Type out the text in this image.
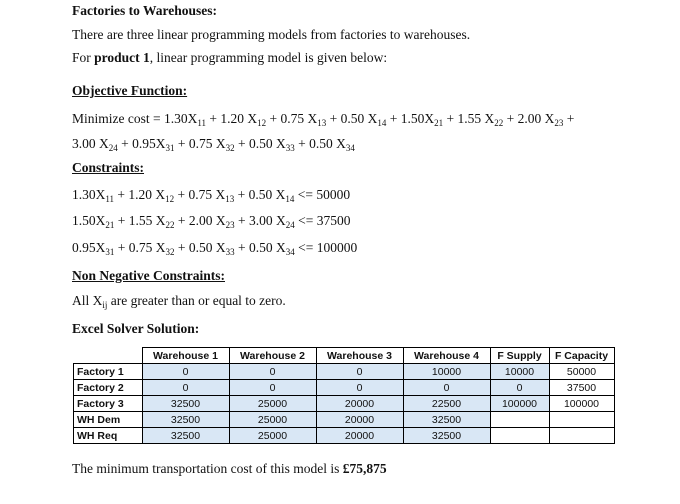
Factories to Warehouses:
There are three linear programming models from factories to warehouses.
For product 1, linear programming model is given below:
Objective Function:
Minimize $\cos t = 1.30X_{11} + 1.20$ $X_{12} + 0.75$ $X_{13} + 0.50$ $X_{14} + 1.50X_{21} + 1.55$ $X_{22} + 2.00$ $X_{23}$ +
3.00 $X_{24} + 0.95X_{31} + 0.75$ $X_{32} + 0.50$ $X_{33} + 0.50$ $X_{34}$
Constraints:
$1.30X_{11} + 1.20$ $X_{12} + 0.75$ $X_{13} + 0.50$ $X_{14} <= 50000$
$1.50X_{21} + 1.55$ $X_{22} + 2.00$ $X_{23} + 3.00$ $X_{24} <= 37500$
$0.95X_{31} + 0.75$ $X_{32} + 0.50$ $X_{33} + 0.50$ $X_{34} <= 100000$
Non Negative Constraints:
All $X_{ij}$ are greater than or equal to zero.
Excel Solver Solution:
	Warehouse 1	Warehouse 2	Warehouse 3	Warehouse 4	F Supply	F Capacity
Factory 1	0	0	0	10000	10000	50000
Factory 2	0	0	0	0	0	37500
Factory 3	32500	25000	20000	22500	100000	100000
WH Dem	32500	25000	20000	32500		
WH Req	32500	25000	20000	32500		
The minimum transportation cost of this model is £75,875
